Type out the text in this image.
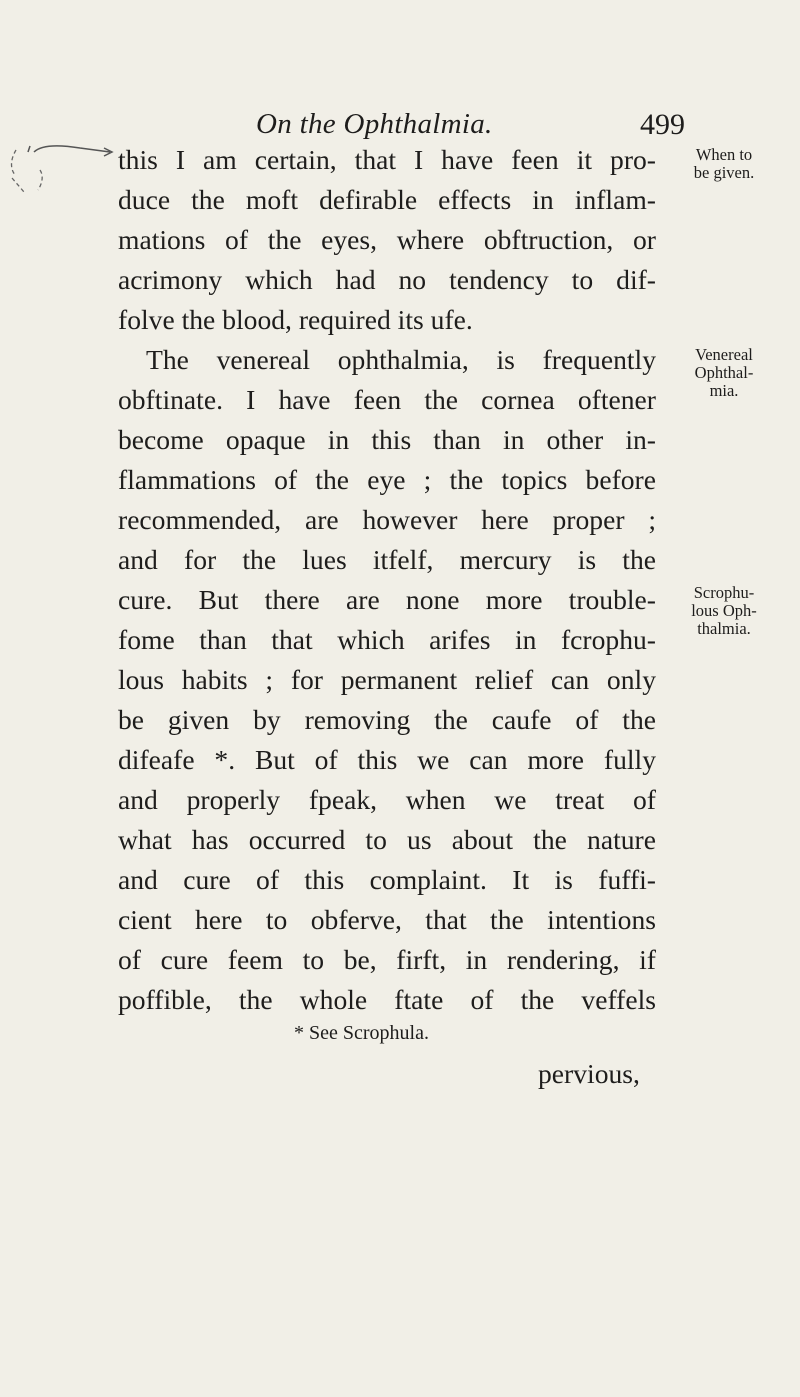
On the Ophthalmia.	499
this I am certain, that I have feen it pro-
duce the moft defirable effects in inflam-
mations of the eyes, where obftruction, or
acrimony which had no tendency to dif-
folve the blood, required its ufe.
The venereal ophthalmia, is frequently
obftinate. I have feen the cornea oftener
become opaque in this than in other in-
flammations of the eye ; the topics before
recommended, are however here proper ;
and for the lues itfelf, mercury is the
cure. But there are none more trouble-
fome than that which arifes in fcrophu-
lous habits ; for permanent relief can only
be given by removing the caufe of the
difeafe *. But of this we can more fully
and properly fpeak, when we treat of
what has occurred to us about the nature
and cure of this complaint. It is fuffi-
cient here to obferve, that the intentions
of cure feem to be, firft, in rendering, if
poffible, the whole ftate of the veffels
When to
be given.
Venereal
Ophthal-
mia.
Scrophu-
lous Oph-
thalmia.
* See Scrophula.
pervious,
